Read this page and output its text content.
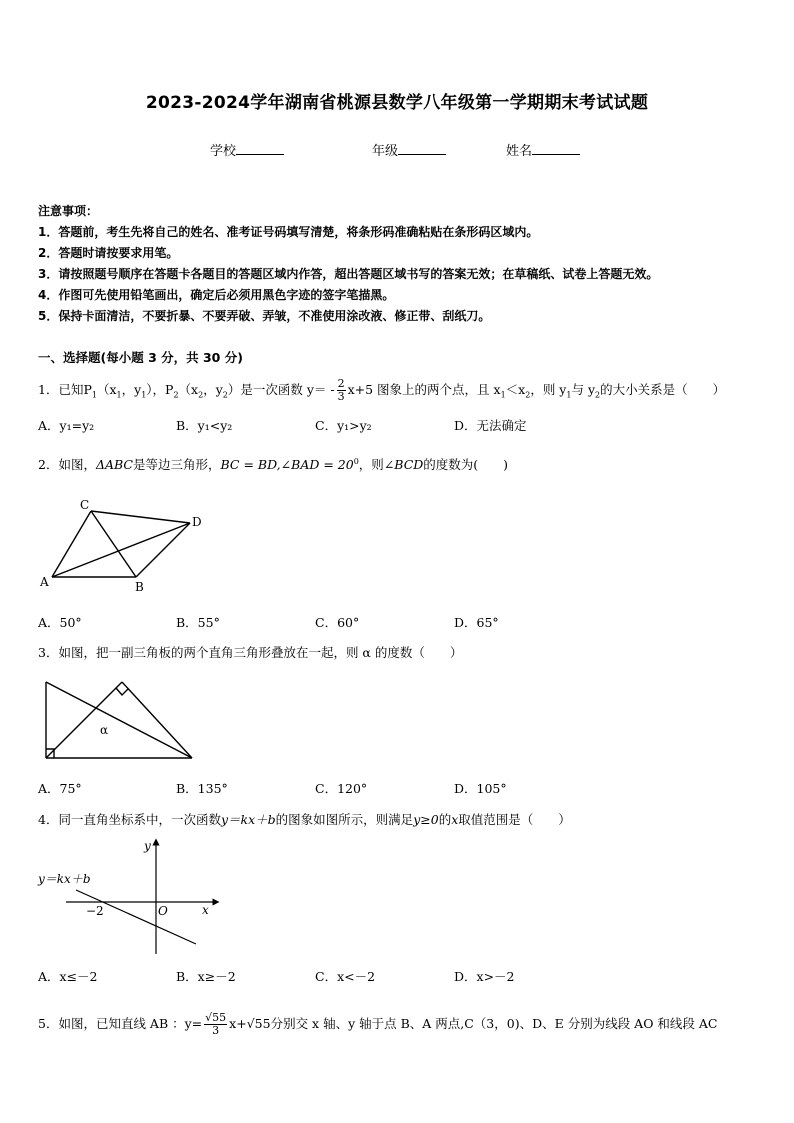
2023-2024学年湖南省桃源县数学八年级第一学期期末考试试题
学校	年级	姓名
注意事项：
1．答题前，考生先将自己的姓名、准考证号码填写清楚，将条形码准确粘贴在条形码区域内。
2．答题时请按要求用笔。
3．请按照题号顺序在答题卡各题目的答题区域内作答，超出答题区域书写的答案无效；在草稿纸、试卷上答题无效。
4．作图可先使用铅笔画出，确定后必须用黑色字迹的签字笔描黑。
5．保持卡面清洁，不要折暴、不要弄破、弄皱，不准使用涂改液、修正带、刮纸刀。
一、选择题(每小题 3 分，共 30 分)
1．已知$P_1(x_1$，$y_1$），$P_2(x_2$，$y_2$）是一次函数 $y= - \frac{2}{3} x+5$ 图象上的两个点，且 $x_1<x_2$，则 $y_1$与 $y_2$的大小关系是（　　）
A．y₁=y₂	B．y₁<y₂	C．y₁>y₂	D．无法确定
2．如图，ΔABC是等边三角形，BC = BD,∠BAD = $20^0$，则∠BCD的度数为(　　)
C
D
A	B
A．50°	B．55°	C．60°	D．65°
3．如图，把一副三角板的两个直角三角形叠放在一起，则 α 的度数（　　）
α
A．75°	B．135°	C．120°	D．105°
4．同一直角坐标系中，一次函数y＝kx＋b的图象如图所示，则满足y≥0的x取值范围是（　　）
y＝kx＋b
y
x
O
−2
A．x≤－2	B．x≥－2	C．x<－2	D．x>－2
5．如图，已知直线 AB ：$y= \frac{√55}{3} x+√55$分别交 x 轴、y 轴于点 B、A 两点,C（3，0)、D、E 分别为线段 AO 和线段 AC
